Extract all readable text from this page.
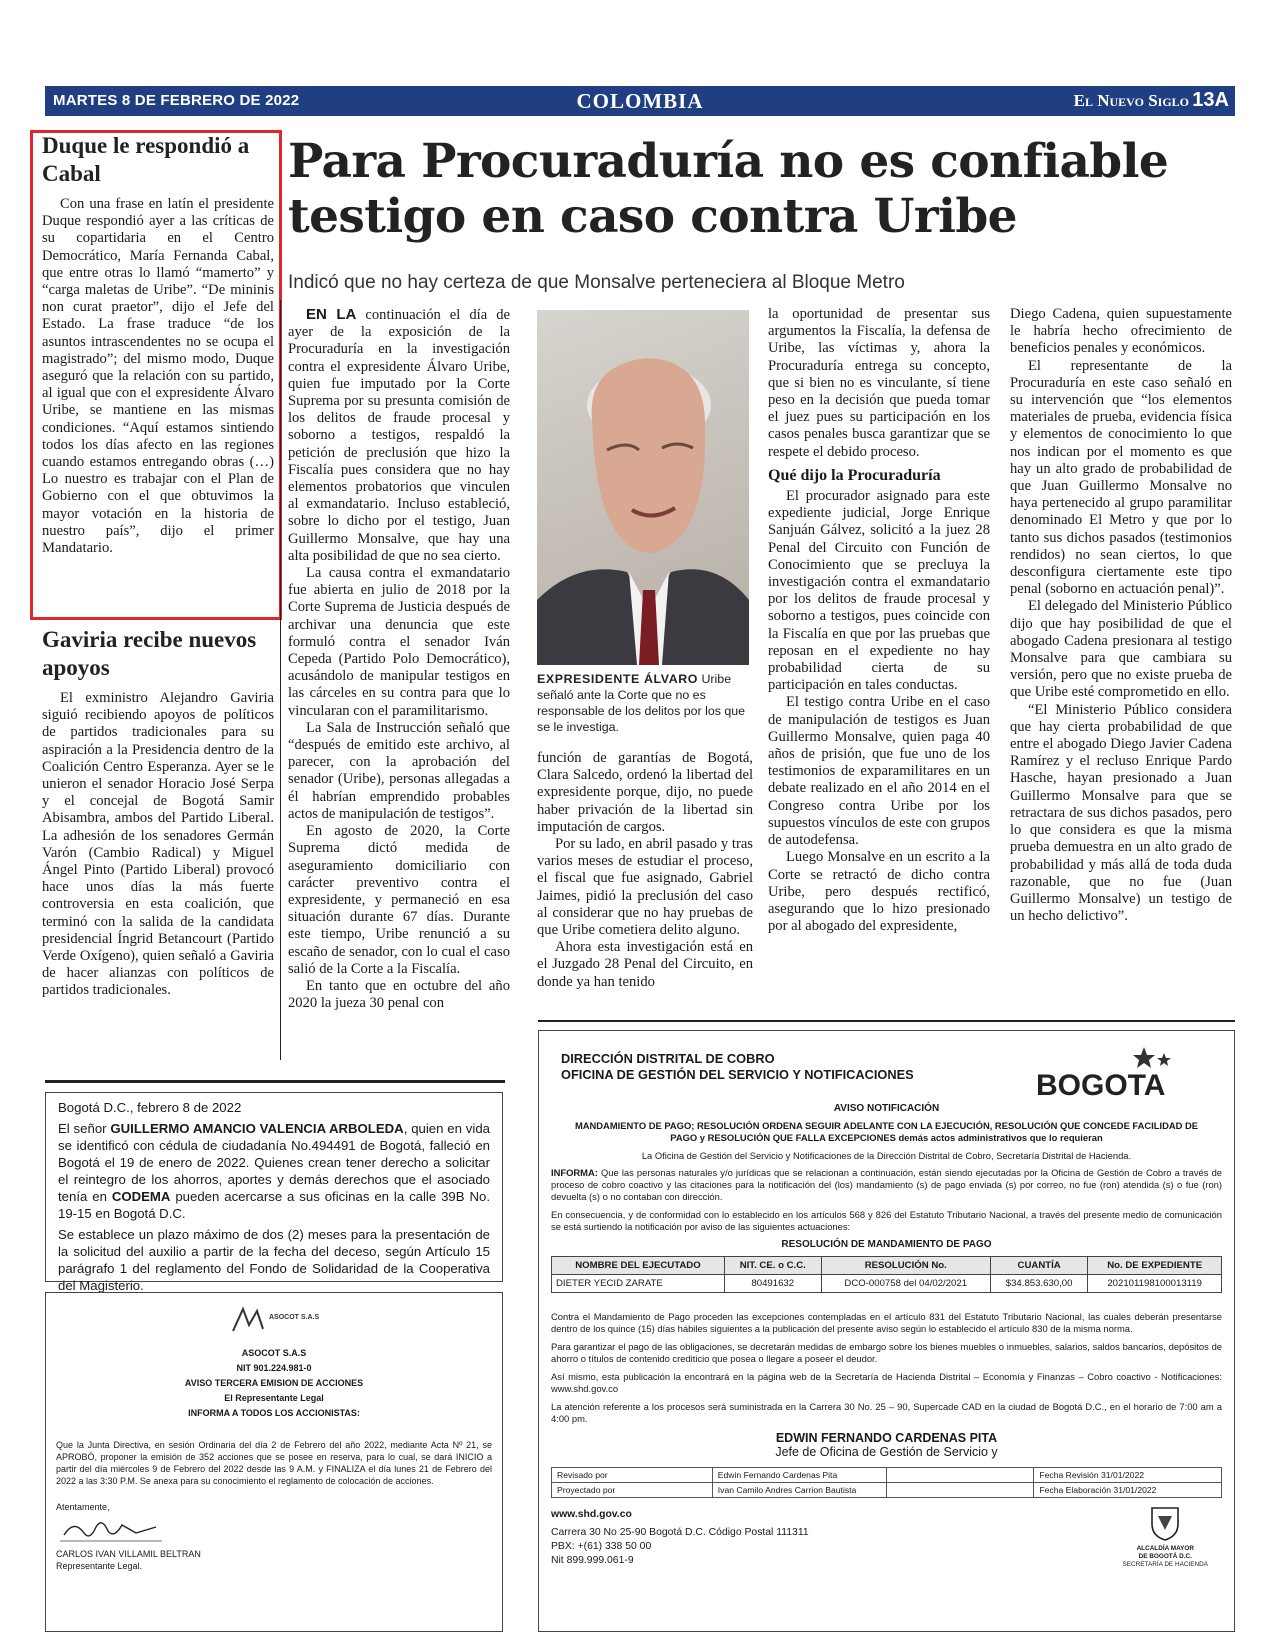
MARTES 8 DE FEBRERO DE 2022	COLOMBIA	El Nuevo Siglo 13A
Duque le respondió a Cabal

Con una frase en latín el presidente Duque respondió ayer a las críticas de su copartidaria en el Centro Democrático, María Fernanda Cabal, que entre otras lo llamó “mamerto” y “carga maletas de Uribe”. “De mininis non curat praetor”, dijo el Jefe del Estado. La frase traduce “de los asuntos intrascendentes no se ocupa el magistrado”; del mismo modo, Duque aseguró que la relación con su partido, al igual que con el expresidente Álvaro Uribe, se mantiene en las mismas condiciones. “Aquí estamos sintiendo todos los días afecto en las regiones cuando estamos entregando obras (…) Lo nuestro es trabajar con el Plan de Gobierno con el que obtuvimos la mayor votación en la historia de nuestro país”, dijo el primer Mandatario.

Gaviria recibe nuevos apoyos

El exministro Alejandro Gaviria siguió recibiendo apoyos de políticos de partidos tradicionales para su aspiración a la Presidencia dentro de la Coalición Centro Esperanza. Ayer se le unieron el senador Horacio José Serpa y el concejal de Bogotá Samir Abisambra, ambos del Partido Liberal. La adhesión de los senadores Germán Varón (Cambio Radical) y Miguel Ángel Pinto (Partido Liberal) provocó hace unos días la más fuerte controversia en esta coalición, que terminó con la salida de la candidata presidencial Íngrid Betancourt (Partido Verde Oxígeno), quien señaló a Gaviria de hacer alianzas con políticos de partidos tradicionales.

Para Procuraduría no es confiable testigo en caso contra Uribe
Indicó que no hay certeza de que Monsalve perteneciera al Bloque Metro

EN LA continuación el día de ayer de la exposición de la Procuraduría en la investigación contra el expresidente Álvaro Uribe, quien fue imputado por la Corte Suprema por su presunta comisión de los delitos de fraude procesal y soborno a testigos, respaldó la petición de preclusión que hizo la Fiscalía pues considera que no hay elementos probatorios que vinculen al exmandatario. Incluso estableció, sobre lo dicho por el testigo, Juan Guillermo Monsalve, que hay una alta posibilidad de que no sea cierto.

La causa contra el exmandatario fue abierta en julio de 2018 por la Corte Suprema de Justicia después de archivar una denuncia que este formuló contra el senador Iván Cepeda (Partido Polo Democrático), acusándolo de manipular testigos en las cárceles en su contra para que lo vincularan con el paramilitarismo.

La Sala de Instrucción señaló que “después de emitido este archivo, al parecer, con la aprobación del senador (Uribe), personas allegadas a él habrían emprendido probables actos de manipulación de testigos”.

En agosto de 2020, la Corte Suprema dictó medida de aseguramiento domiciliario con carácter preventivo contra el expresidente, y permaneció en esa situación durante 67 días. Durante este tiempo, Uribe renunció a su escaño de senador, con lo cual el caso salió de la Corte a la Fiscalía.

En tanto que en octubre del año 2020 la jueza 30 penal con

EXPRESIDENTE ÁLVARO Uribe señaló ante la Corte que no es responsable de los delitos por los que se le investiga.

función de garantías de Bogotá, Clara Salcedo, ordenó la libertad del expresidente porque, dijo, no puede haber privación de la libertad sin imputación de cargos.

Por su lado, en abril pasado y tras varios meses de estudiar el proceso, el fiscal que fue asignado, Gabriel Jaimes, pidió la preclusión del caso al considerar que no hay pruebas de que Uribe cometiera delito alguno.

Ahora esta investigación está en el Juzgado 28 Penal del Circuito, en donde ya han tenido

la oportunidad de presentar sus argumentos la Fiscalía, la defensa de Uribe, las víctimas y, ahora la Procuraduría entrega su concepto, que si bien no es vinculante, sí tiene peso en la decisión que pueda tomar el juez pues su participación en los casos penales busca garantizar que se respete el debido proceso.

Qué dijo la Procuraduría

El procurador asignado para este expediente judicial, Jorge Enrique Sanjuán Gálvez, solicitó a la juez 28 Penal del Circuito con Función de Conocimiento que se precluya la investigación contra el exmandatario por los delitos de fraude procesal y soborno a testigos, pues coincide con la Fiscalía en que por las pruebas que reposan en el expediente no hay probabilidad cierta de su participación en tales conductas.

El testigo contra Uribe en el caso de manipulación de testigos es Juan Guillermo Monsalve, quien paga 40 años de prisión, que fue uno de los testimonios de exparamilitares en un debate realizado en el año 2014 en el Congreso contra Uribe por los supuestos vínculos de este con grupos de autodefensa.

Luego Monsalve en un escrito a la Corte se retractó de dicho contra Uribe, pero después rectificó, asegurando que lo hizo presionado por al abogado del expresidente,

Diego Cadena, quien supuestamente le habría hecho ofrecimiento de beneficios penales y económicos.

El representante de la Procuraduría en este caso señaló en su intervención que “los elementos materiales de prueba, evidencia física y elementos de conocimiento lo que nos indican por el momento es que hay un alto grado de probabilidad de que Juan Guillermo Monsalve no haya pertenecido al grupo paramilitar denominado El Metro y que por lo tanto sus dichos pasados (testimonios rendidos) no sean ciertos, lo que desconfigura ciertamente este tipo penal (soborno en actuación penal)”.

El delegado del Ministerio Público dijo que hay posibilidad de que el abogado Cadena presionara al testigo Monsalve para que cambiara su versión, pero que no existe prueba de que Uribe esté comprometido en ello.

“El Ministerio Público considera que hay cierta probabilidad de que entre el abogado Diego Javier Cadena Ramírez y el recluso Enrique Pardo Hasche, hayan presionado a Juan Guillermo Monsalve para que se retractara de sus dichos pasados, pero lo que considera es que la misma prueba demuestra en un alto grado de probabilidad y más allá de toda duda razonable, que no fue (Juan Guillermo Monsalve) un testigo de un hecho delictivo”.

Bogotá D.C., febrero 8 de 2022

El señor GUILLERMO AMANCIO VALENCIA ARBOLEDA, quien en vida se identificó con cédula de ciudadanía No.494491 de Bogotá, falleció en Bogotá el 19 de enero de 2022. Quienes crean tener derecho a solicitar el reintegro de los ahorros, aportes y demás derechos que el asociado tenía en CODEMA pueden acercarse a sus oficinas en la calle 39B No. 19-15 en Bogotá D.C.

Se establece un plazo máximo de dos (2) meses para la presentación de la solicitud del auxilio a partir de la fecha del deceso, según Artículo 15 parágrafo 1 del reglamento del Fondo de Solidaridad de la Cooperativa del Magisterio.

ASOCOT S.A.S
ASOCOT S.A.S
NIT 901.224.981-0
AVISO TERCERA EMISION DE ACCIONES
El Representante Legal
INFORMA A TODOS LOS ACCIONISTAS:

Que la Junta Directiva, en sesión Ordinaria del día 2 de Febrero del año 2022, mediante Acta Nº 21, se APROBÓ, proponer la emisión de 352 acciones que se posee en reserva, para lo cual, se dará INICIO a partir del día miércoles 9 de Febrero del 2022 desde las 9 A.M. y FINALIZA el día lunes 21 de Febrero del 2022 a las 3:30 P.M. Se anexa para su conocimiento el reglamento de colocación de acciones.

Atentamente,

CARLOS IVAN VILLAMIL BELTRAN
Representante Legal.
DIRECCIÓN DISTRITAL DE COBRO
OFICINA DE GESTIÓN DEL SERVICIO Y NOTIFICACIONES	BOGOTA
AVISO NOTIFICACIÓN
MANDAMIENTO DE PAGO; RESOLUCIÓN ORDENA SEGUIR ADELANTE CON LA EJECUCIÓN, RESOLUCIÓN QUE CONCEDE FACILIDAD DE PAGO y RESOLUCIÓN QUE FALLA EXCEPCIONES demás actos administrativos que lo requieran
La Oficina de Gestión del Servicio y Notificaciones de la Dirección Distrital de Cobro, Secretaría Distrital de Hacienda.

INFORMA: Que las personas naturales y/o jurídicas que se relacionan a continuación, están siendo ejecutadas por la Oficina de Gestión de Cobro a través de proceso de cobro coactivo y las citaciones para la notificación del (los) mandamiento (s) de pago enviada (s) por correo, no fue (ron) atendida (s) o fue (ron) devuelta (s) o no contaban con dirección.

En consecuencia, y de conformidad con lo establecido en los artículos 568 y 826 del Estatuto Tributario Nacional, a través del presente medio de comunicación se está surtiendo la notificación por aviso de las siguientes actuaciones:

RESOLUCIÓN DE MANDAMIENTO DE PAGO
NOMBRE DEL EJECUTADO	NIT. CE. o C.C.	RESOLUCIÓN No.	CUANTÍA	No. DE EXPEDIENTE
DIETER YECID ZARATE	80491632	DCO-000758 del 04/02/2021	$34.853.630,00	202101198100013119

Contra el Mandamiento de Pago proceden las excepciones contempladas en el artículo 831 del Estatuto Tributario Nacional, las cuales deberán presentarse dentro de los quince (15) días hábiles siguientes a la publicación del presente aviso según lo establecido el artículo 830 de la misma norma.

Para garantizar el pago de las obligaciones, se decretarán medidas de embargo sobre los bienes muebles o inmuebles, salarios, saldos bancarios, depósitos de ahorro o títulos de contenido crediticio que posea o llegare a poseer el deudor.

Así mismo, esta publicación la encontrará en la página web de la Secretaría de Hacienda Distrital – Economía y Finanzas – Cobro coactivo - Notificaciones: www.shd.gov.co

La atención referente a los procesos será suministrada en la Carrera 30 No. 25 – 90, Supercade CAD en la ciudad de Bogotá D.C., en el horario de 7:00 am a 4:00 pm.

EDWIN FERNANDO CARDENAS PITA
Jefe de Oficina de Gestión de Servicio y
Revisado por	Edwin Fernando Cardenas Pita		Fecha Revisión 31/01/2022
Proyectado por	Ivan Camilo Andres Carrion Bautista		Fecha Elaboración 31/01/2022
www.shd.gov.co
Carrera 30 No 25-90 Bogotá D.C. Código Postal 111311
PBX: +(61) 338 50 00
Nit 899.999.061-9
ALCALDÍA MAYOR
DE BOGOTÁ D.C.
SECRETARÍA DE HACIENDA
